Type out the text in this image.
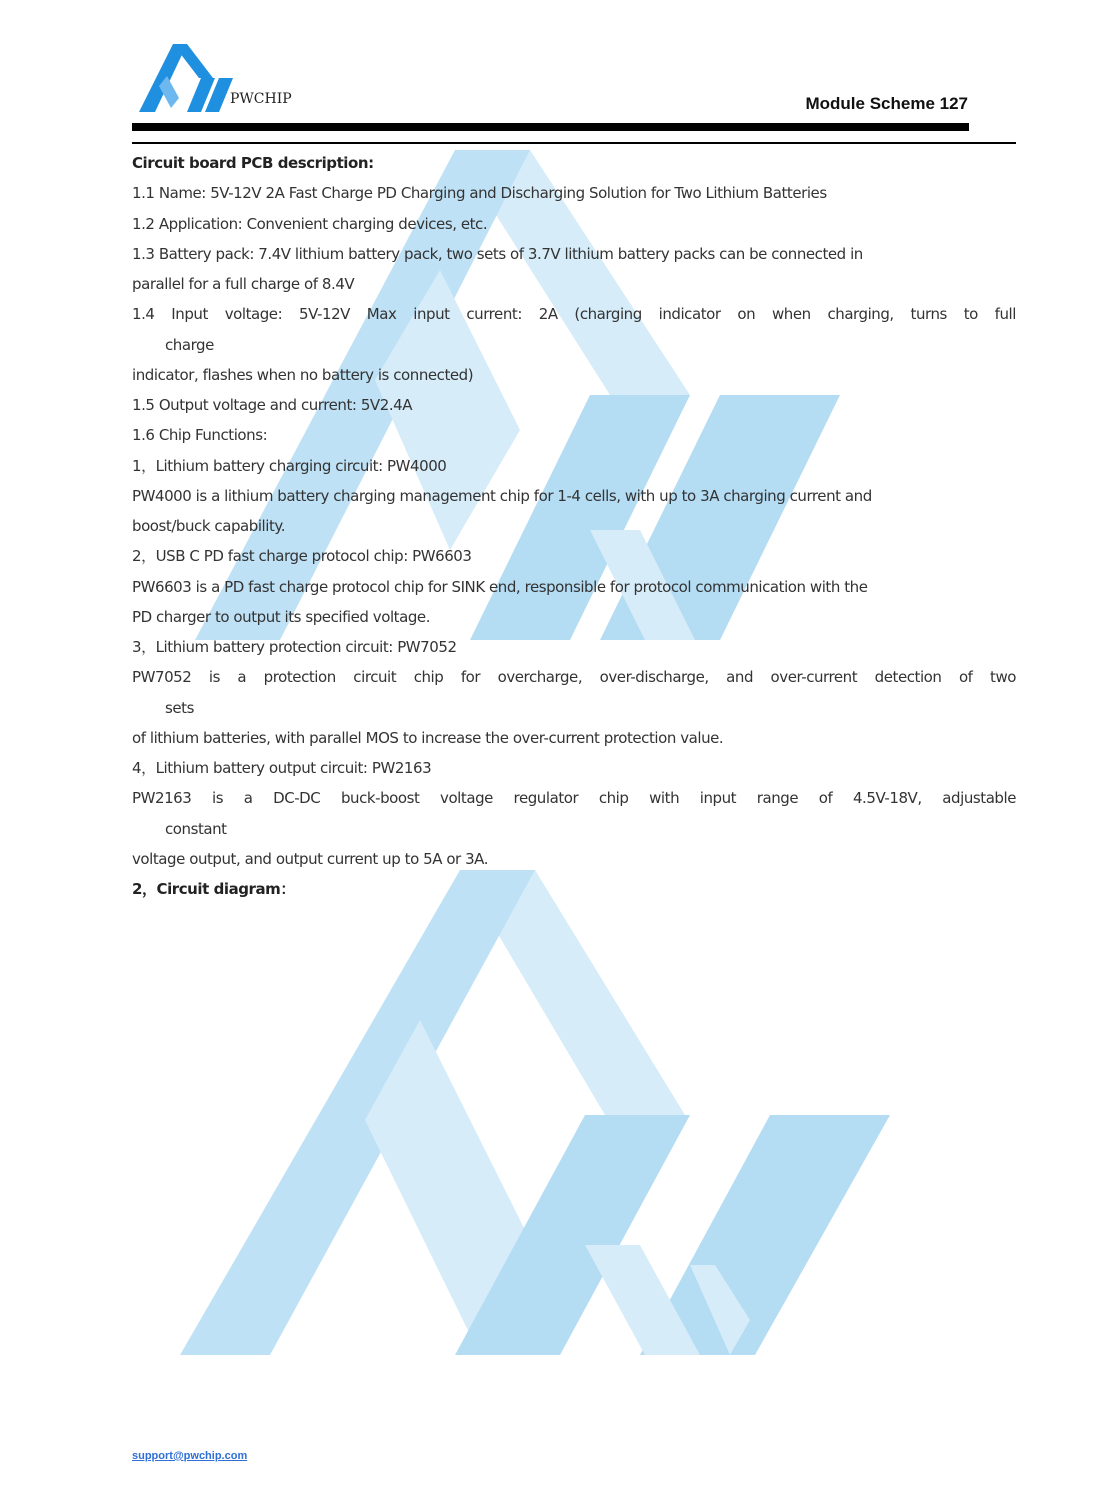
PWCHIP	Module Scheme 127
Circuit board PCB description:
1.1 Name: 5V-12V 2A Fast Charge PD Charging and Discharging Solution for Two Lithium Batteries
1.2 Application: Convenient charging devices, etc.
1.3 Battery pack: 7.4V lithium battery pack, two sets of 3.7V lithium battery packs can be connected in
parallel for a full charge of 8.4V
1.4 Input voltage: 5V-12V Max input current: 2A (charging indicator on when charging, turns to full
charge
indicator, flashes when no battery is connected)
1.5 Output voltage and current: 5V2.4A
1.6 Chip Functions:
1，Lithium battery charging circuit: PW4000
PW4000 is a lithium battery charging management chip for 1-4 cells, with up to 3A charging current and
boost/buck capability.
2，USB C PD fast charge protocol chip: PW6603
PW6603 is a PD fast charge protocol chip for SINK end, responsible for protocol communication with the
PD charger to output its specified voltage.
3，Lithium battery protection circuit: PW7052
PW7052 is a protection circuit chip for overcharge, over-discharge, and over-current detection of two
sets
of lithium batteries, with parallel MOS to increase the over-current protection value.
4，Lithium battery output circuit: PW2163
PW2163 is a DC-DC buck-boost voltage regulator chip with input range of 4.5V-18V, adjustable
constant
voltage output, and output current up to 5A or 3A.
2，Circuit diagram：
support@pwchip.com
